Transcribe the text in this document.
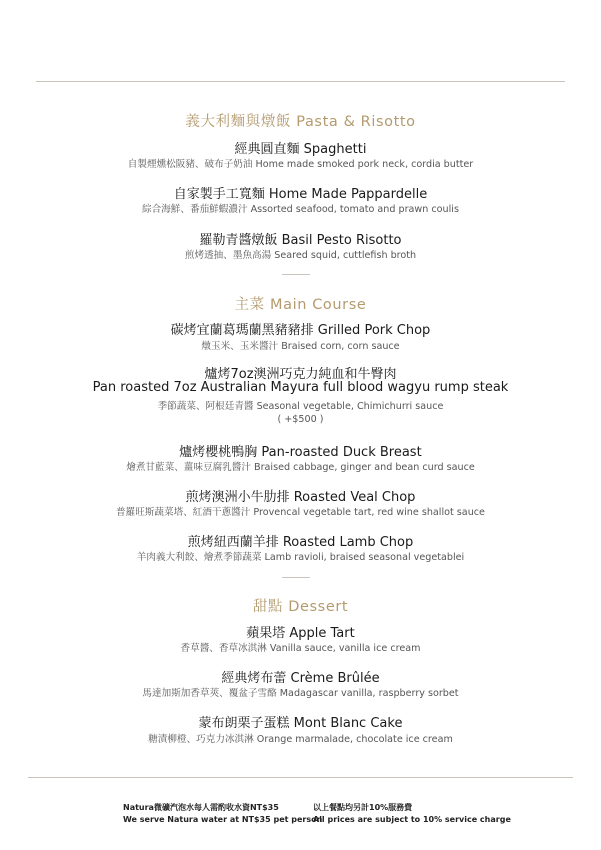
義大利麵與燉飯 Pasta & Risotto
經典圓直麵 Spaghetti
自製煙燻松阪豬、破布子奶油 Home made smoked pork neck, cordia butter
自家製手工寬麵 Home Made Pappardelle
綜合海鮮、番茄鮮蝦濃汁 Assorted seafood, tomato and prawn coulis
羅勒青醬燉飯 Basil Pesto Risotto
煎烤透抽、墨魚高湯 Seared squid, cuttlefish broth
主菜 Main Course
碳烤宜蘭葛瑪蘭黑豬豬排 Grilled Pork Chop
燉玉米、玉米醬汁 Braised corn, corn sauce
爐烤7oz澳洲巧克力純血和牛臀肉
Pan roasted 7oz Australian Mayura full blood wagyu rump steak
季節蔬菜、阿根廷青醬 Seasonal vegetable, Chimichurri sauce
( +$500 )
爐烤櫻桃鴨胸 Pan-roasted Duck Breast
燴煮甘藍菜、薑味豆腐乳醬汁 Braised cabbage, ginger and bean curd sauce
煎烤澳洲小牛肋排 Roasted Veal Chop
普羅旺斯蔬菜塔、紅酒干蔥醬汁 Provencal vegetable tart, red wine shallot sauce
煎烤紐西蘭羊排 Roasted Lamb Chop
羊肉義大利餃、燴煮季節蔬菜 Lamb ravioli, braised seasonal vegetablei
甜點 Dessert
蘋果塔 Apple Tart
香草醬、香草冰淇淋 Vanilla sauce, vanilla ice cream
經典烤布蕾 Crème Brûlée
馬達加斯加香草莢、覆盆子雪酪 Madagascar vanilla, raspberry sorbet
蒙布朗栗子蛋糕 Mont Blanc Cake
糖漬柳橙、巧克力冰淇淋 Orange marmalade, chocolate ice cream
Natura微礦汽泡水每人需酌收水資NT$35
We serve Natura water at NT$35 pet person
以上餐點均另計10%服務費
All prices are subject to 10% service charge
